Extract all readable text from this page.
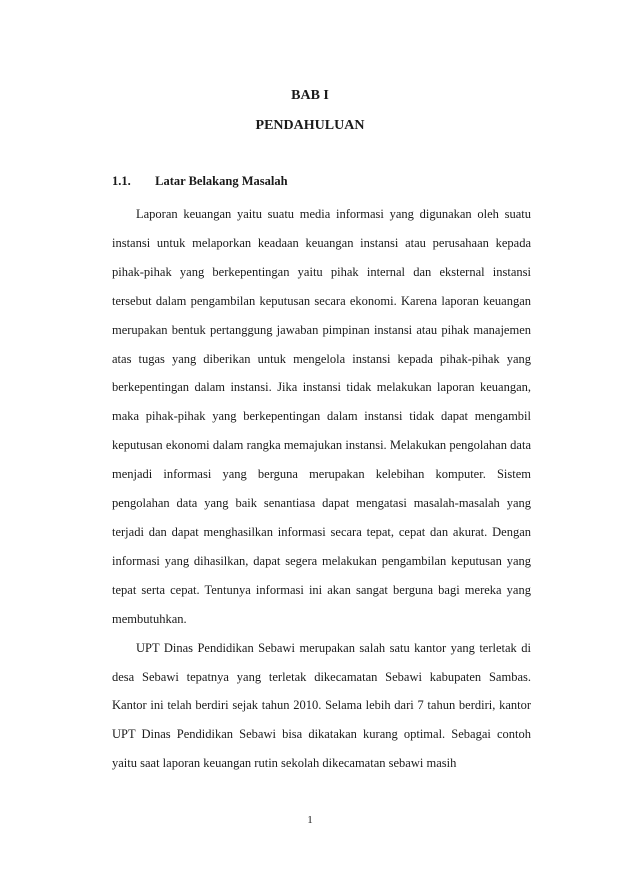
BAB I
PENDAHULUAN
1.1. Latar Belakang Masalah

Laporan keuangan yaitu suatu media informasi yang digunakan oleh suatu instansi untuk melaporkan keadaan keuangan instansi atau perusahaan kepada pihak-pihak yang berkepentingan yaitu pihak internal dan eksternal instansi tersebut dalam pengambilan keputusan secara ekonomi. Karena laporan keuangan merupakan bentuk pertanggung jawaban pimpinan instansi atau pihak manajemen atas tugas yang diberikan untuk mengelola instansi kepada pihak-pihak yang berkepentingan dalam instansi. Jika instansi tidak melakukan laporan keuangan, maka pihak-pihak yang berkepentingan dalam instansi tidak dapat mengambil keputusan ekonomi dalam rangka memajukan instansi. Melakukan pengolahan data menjadi informasi yang berguna merupakan kelebihan komputer. Sistem pengolahan data yang baik senantiasa dapat mengatasi masalah-masalah yang terjadi dan dapat menghasilkan informasi secara tepat, cepat dan akurat. Dengan informasi yang dihasilkan, dapat segera melakukan pengambilan keputusan yang tepat serta cepat. Tentunya informasi ini akan sangat berguna bagi mereka yang membutuhkan.

UPT Dinas Pendidikan Sebawi merupakan salah satu kantor yang terletak di desa Sebawi tepatnya yang terletak dikecamatan Sebawi kabupaten Sambas. Kantor ini telah berdiri sejak tahun 2010. Selama lebih dari 7 tahun berdiri, kantor UPT Dinas Pendidikan Sebawi bisa dikatakan kurang optimal. Sebagai contoh yaitu saat laporan keuangan rutin sekolah dikecamatan sebawi masih

1
